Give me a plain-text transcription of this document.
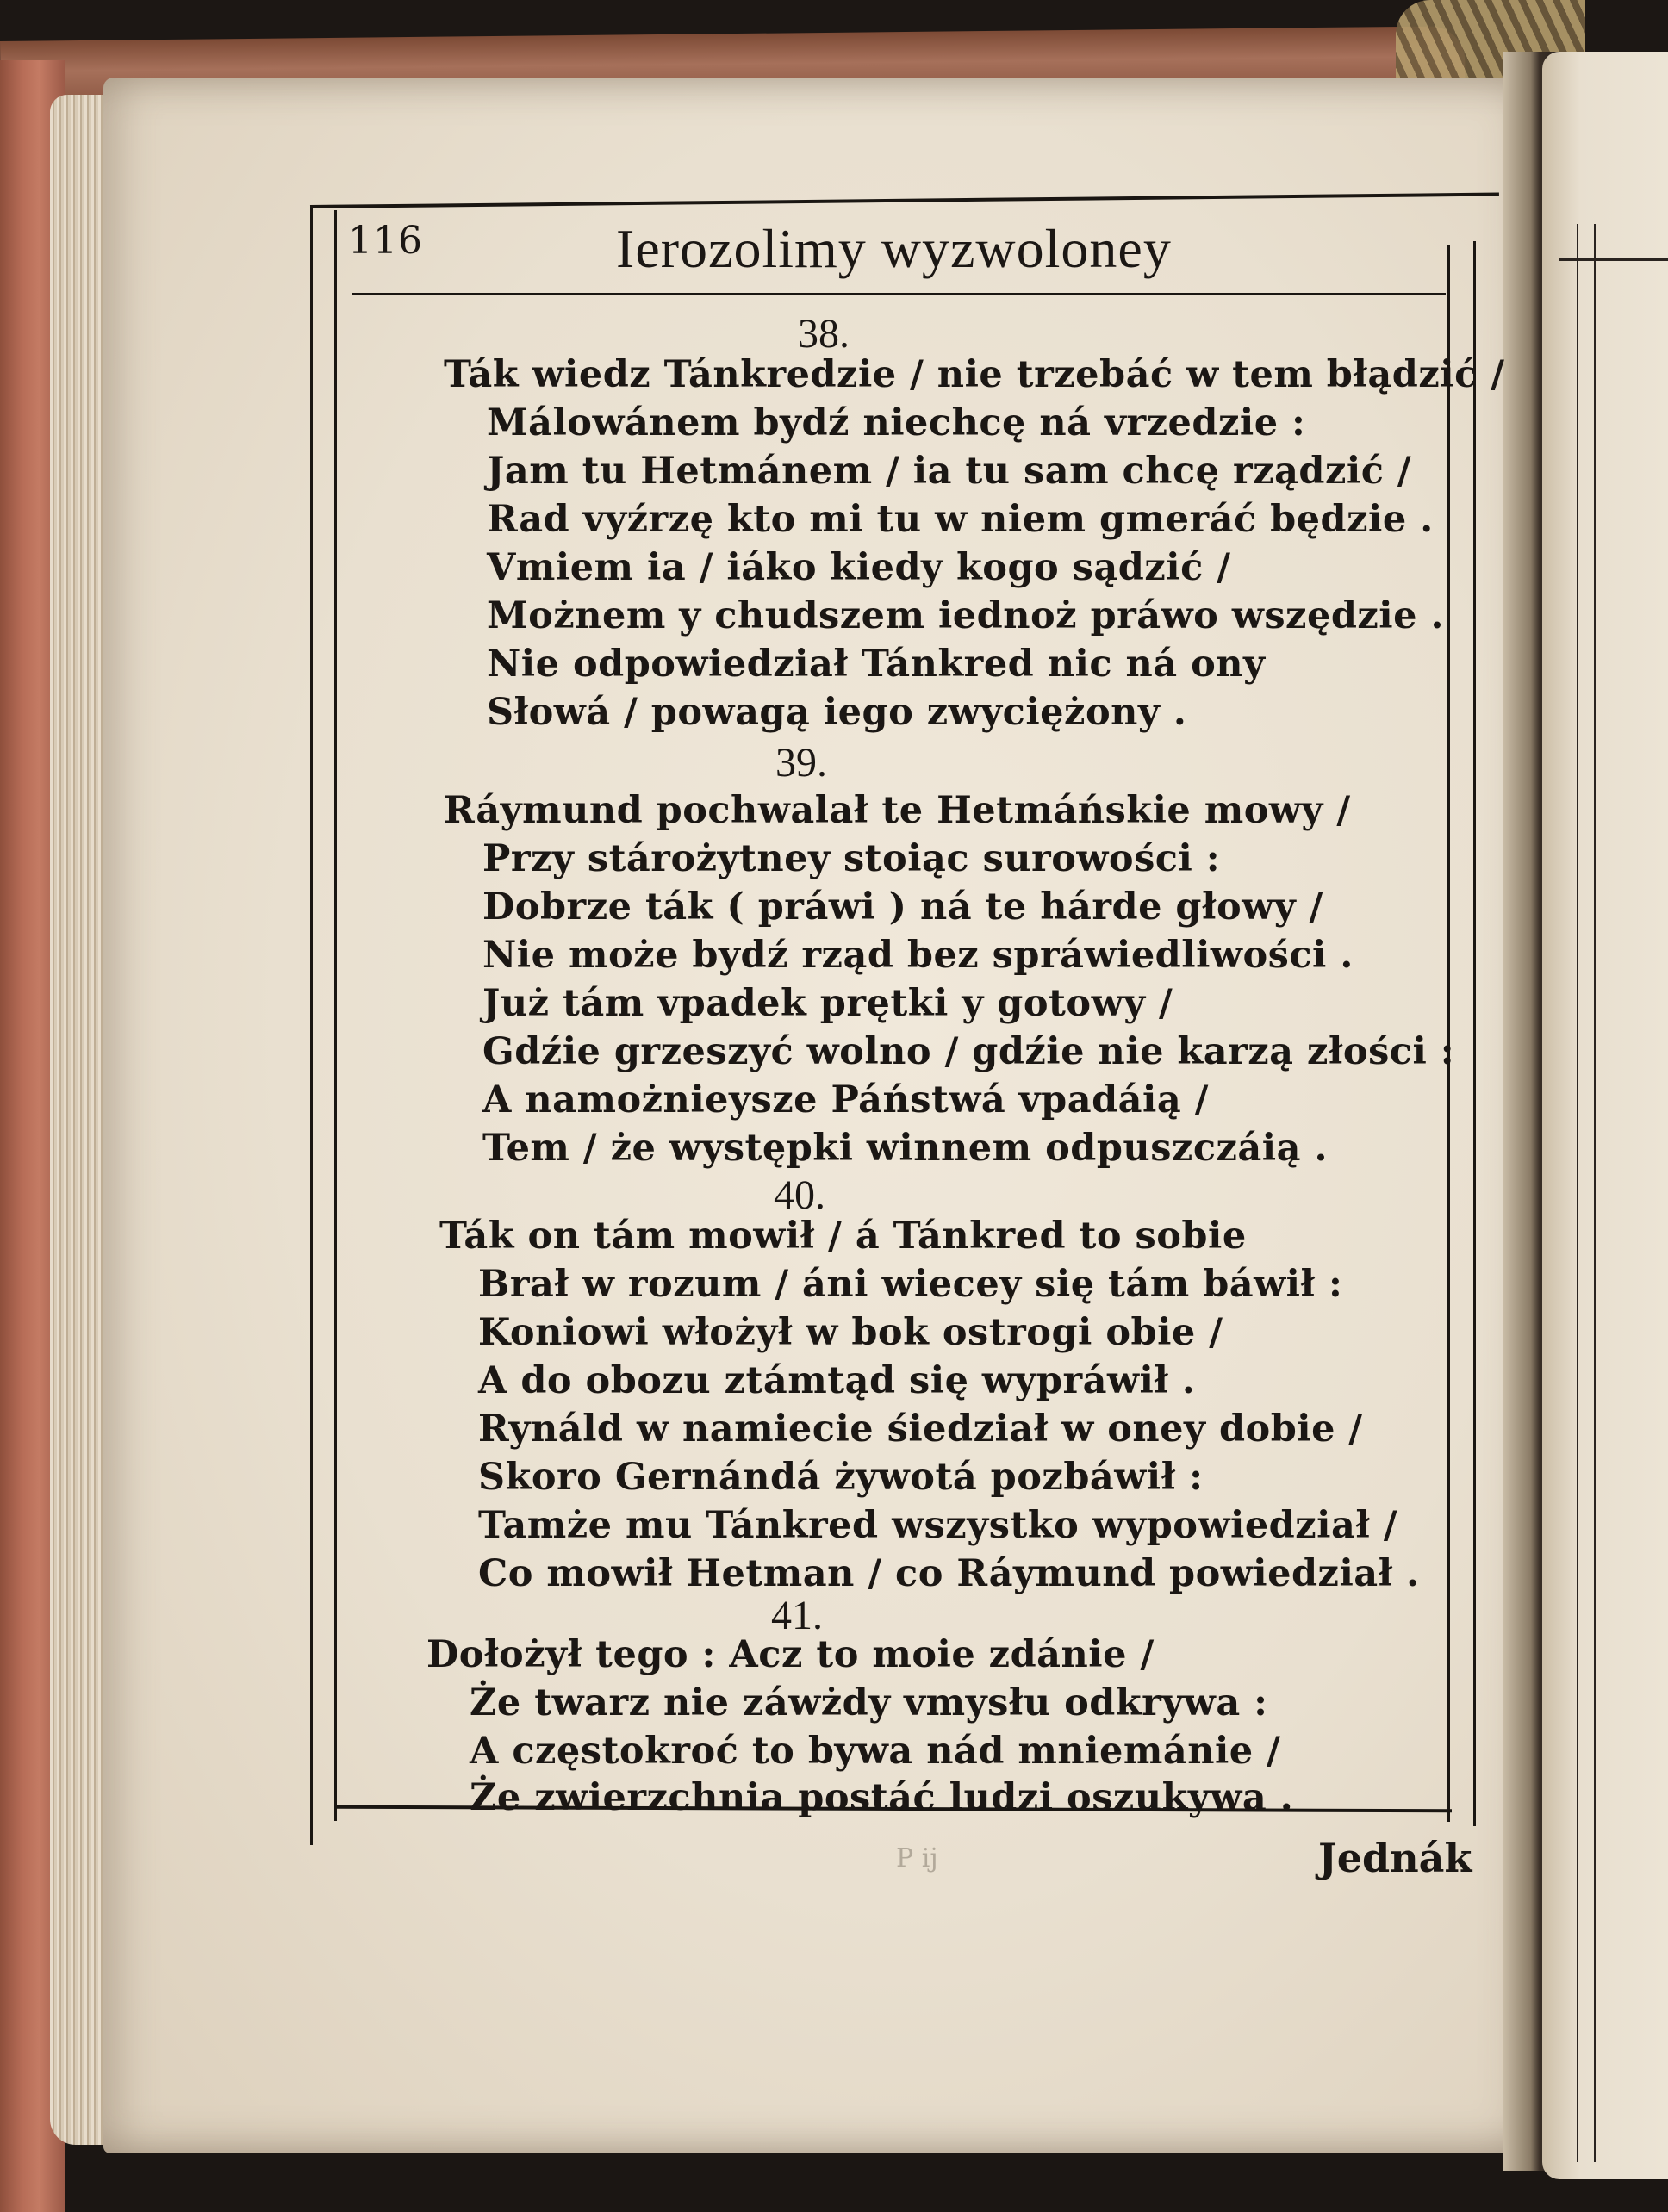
116	Ierozolimy wyzwoloney
38.
Ták wiedz Tánkredzie / nie trzebáć w tem błądzić /
Málowánem bydź niechcę ná vrzedzie :
Jam tu Hetmánem / ia tu sam chcę rządzić /
Rad vyźrzę kto mi tu w niem gmeráć będzie .
Vmiem ia / iáko kiedy kogo sądzić /
Możnem y chudszem iednoż práwo wszędzie .
Nie odpowiedział Tánkred nic ná ony
Słowá / powagą iego zwyciężony .
39.
Ráymund pochwalał te Hetmáńskie mowy /
Przy stárożytney stoiąc surowości :
Dobrze ták ( práwi ) ná te hárde głowy /
Nie może bydź rząd bez spráwiedliwości .
Już tám vpadek prętki y gotowy /
Gdźie grzeszyć wolno / gdźie nie karzą złości :
A namożnieysze Páństwá vpadáią /
Tem / że występki winnem odpuszczáią .
40.
Ták on tám mowił / á Tánkred to sobie
Brał w rozum / áni wiecey się tám báwił :
Koniowi włożył w bok ostrogi obie /
A do obozu ztámtąd się wypráwił .
Rynáld w namiecie śiedział w oney dobie /
Skoro Gernándá żywotá pozbáwił :
Tamże mu Tánkred wszystko wypowiedział /
Co mowił Hetman / co Ráymund powiedział .
41.
Dołożył tego : Acz to moie zdánie /
Że twarz nie záwżdy vmysłu odkrywa :
A częstokroć to bywa nád mniemánie /
Że zwierzchnia postáć ludzi oszukywa .
P ij	Jednák
